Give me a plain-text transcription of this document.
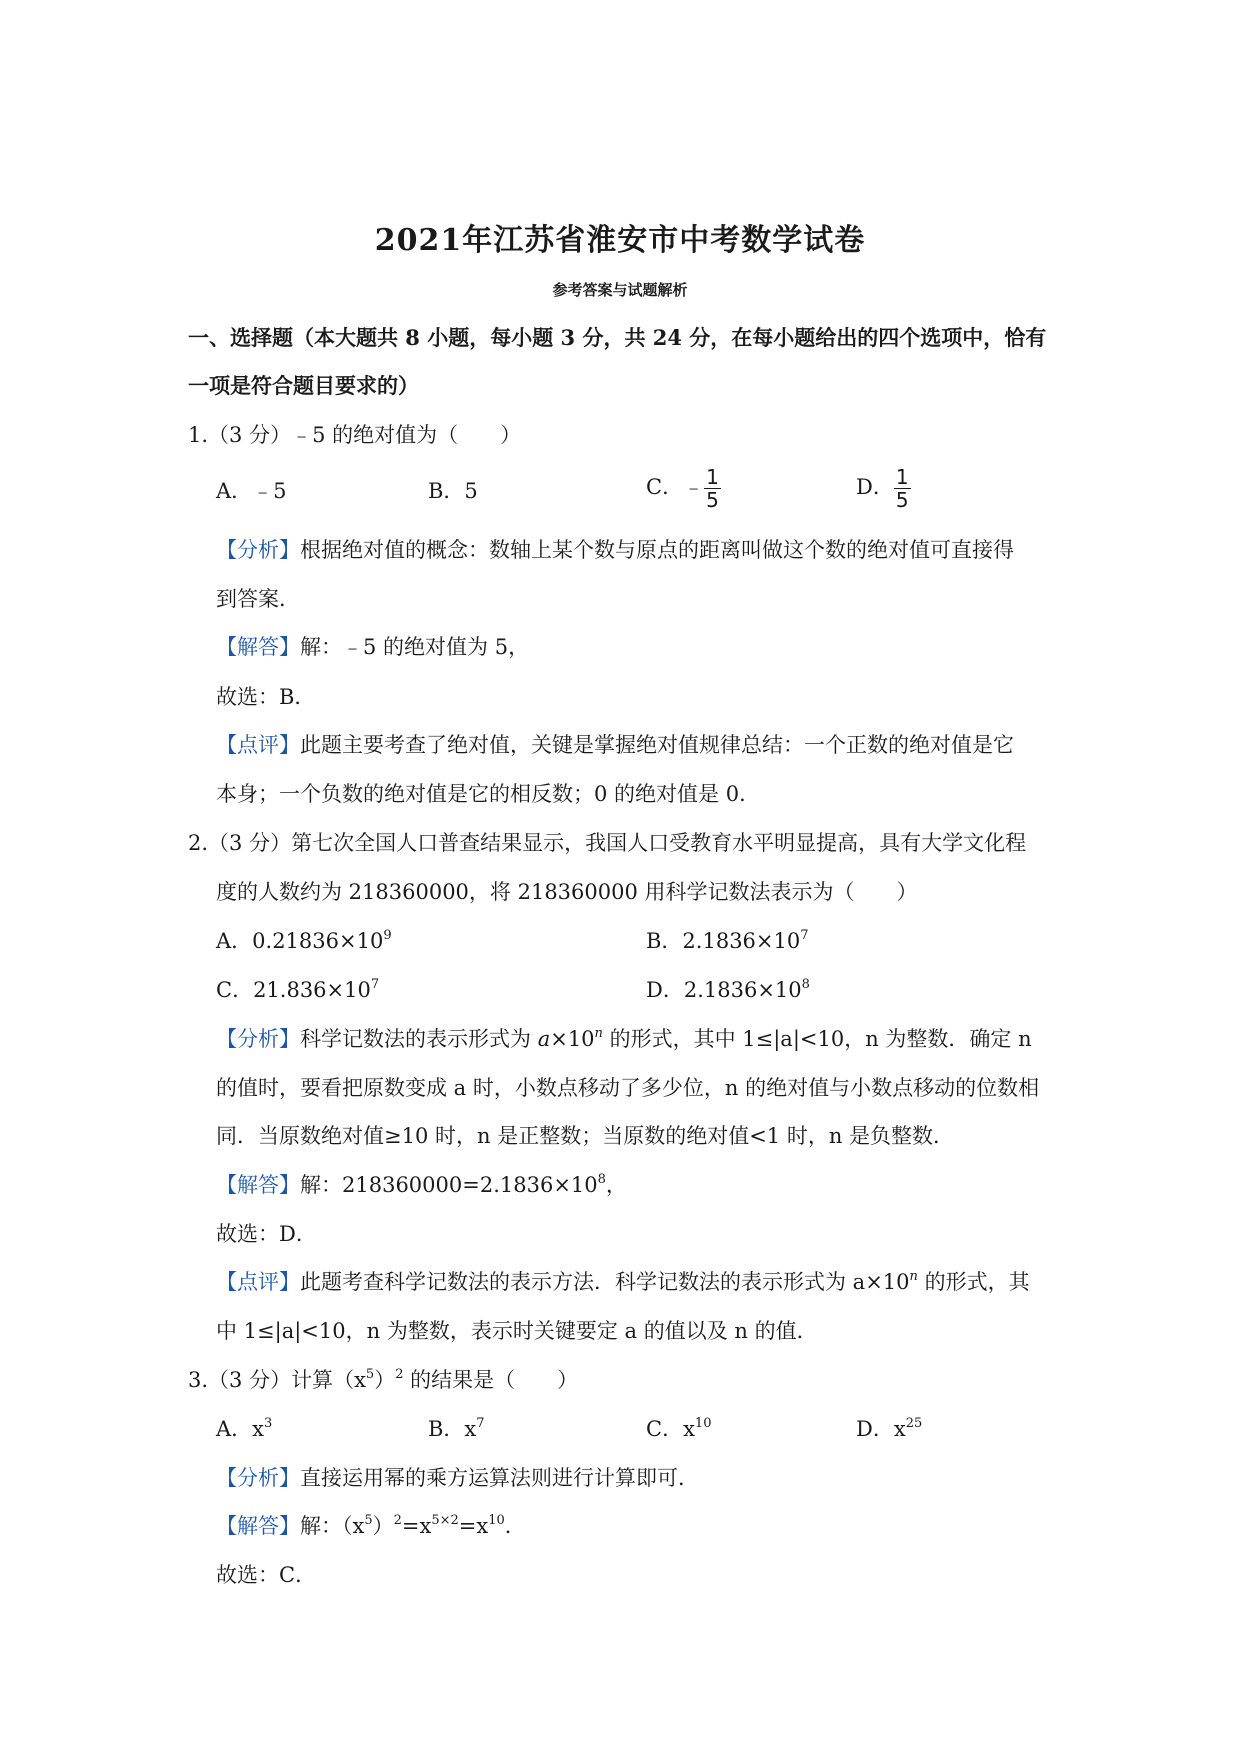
2021年江苏省淮安市中考数学试卷
参考答案与试题解析
一、选择题（本大题共 8 小题，每小题 3 分，共 24 分，在每小题给出的四个选项中，恰有
一项是符合题目要求的）
1.（3 分）﹣5 的绝对值为（　　）
A．﹣5	B．5	C．﹣ $\frac{1}{5}$	D． $\frac{1}{5}$
【分析】根据绝对值的概念：数轴上某个数与原点的距离叫做这个数的绝对值可直接得
到答案．
【解答】解：﹣5 的绝对值为 5，
故选：B．
【点评】此题主要考查了绝对值，关键是掌握绝对值规律总结：一个正数的绝对值是它
本身；一个负数的绝对值是它的相反数；0 的绝对值是 0．
2.（3 分）第七次全国人口普查结果显示，我国人口受教育水平明显提高，具有大学文化程
度的人数约为 218360000，将 218360000 用科学记数法表示为（　　）
A．$0.21836\times 10^9$	B．$2.1836\times 10^7$
C．$21.836\times 10^7$	D．$2.1836\times 10^8$
【分析】科学记数法的表示形式为 $a\times 10^n$ 的形式，其中 1≤|a|<10，n 为整数．确定 n
的值时，要看把原数变成 a 时，小数点移动了多少位，n 的绝对值与小数点移动的位数相
同．当原数绝对值≥10 时，n 是正整数；当原数的绝对值<1 时，n 是负整数．
【解答】解：$218360000=2.1836\times 10^8$，
故选：D．
【点评】此题考查科学记数法的表示方法．科学记数法的表示形式为 $a\times 10^n$ 的形式，其
中 1≤|a|<10，n 为整数，表示时关键要定 a 的值以及 n 的值．
3.（3 分）计算$(x^5)^2$ 的结果是（　　）
A．$x^3$	B．$x^7$	C．$x^{10}$	D．$x^{25}$
【分析】直接运用幂的乘方运算法则进行计算即可．
【解答】解：$(x^5)^2=x^{5\times 2}=x^{10}$．
故选：C．
